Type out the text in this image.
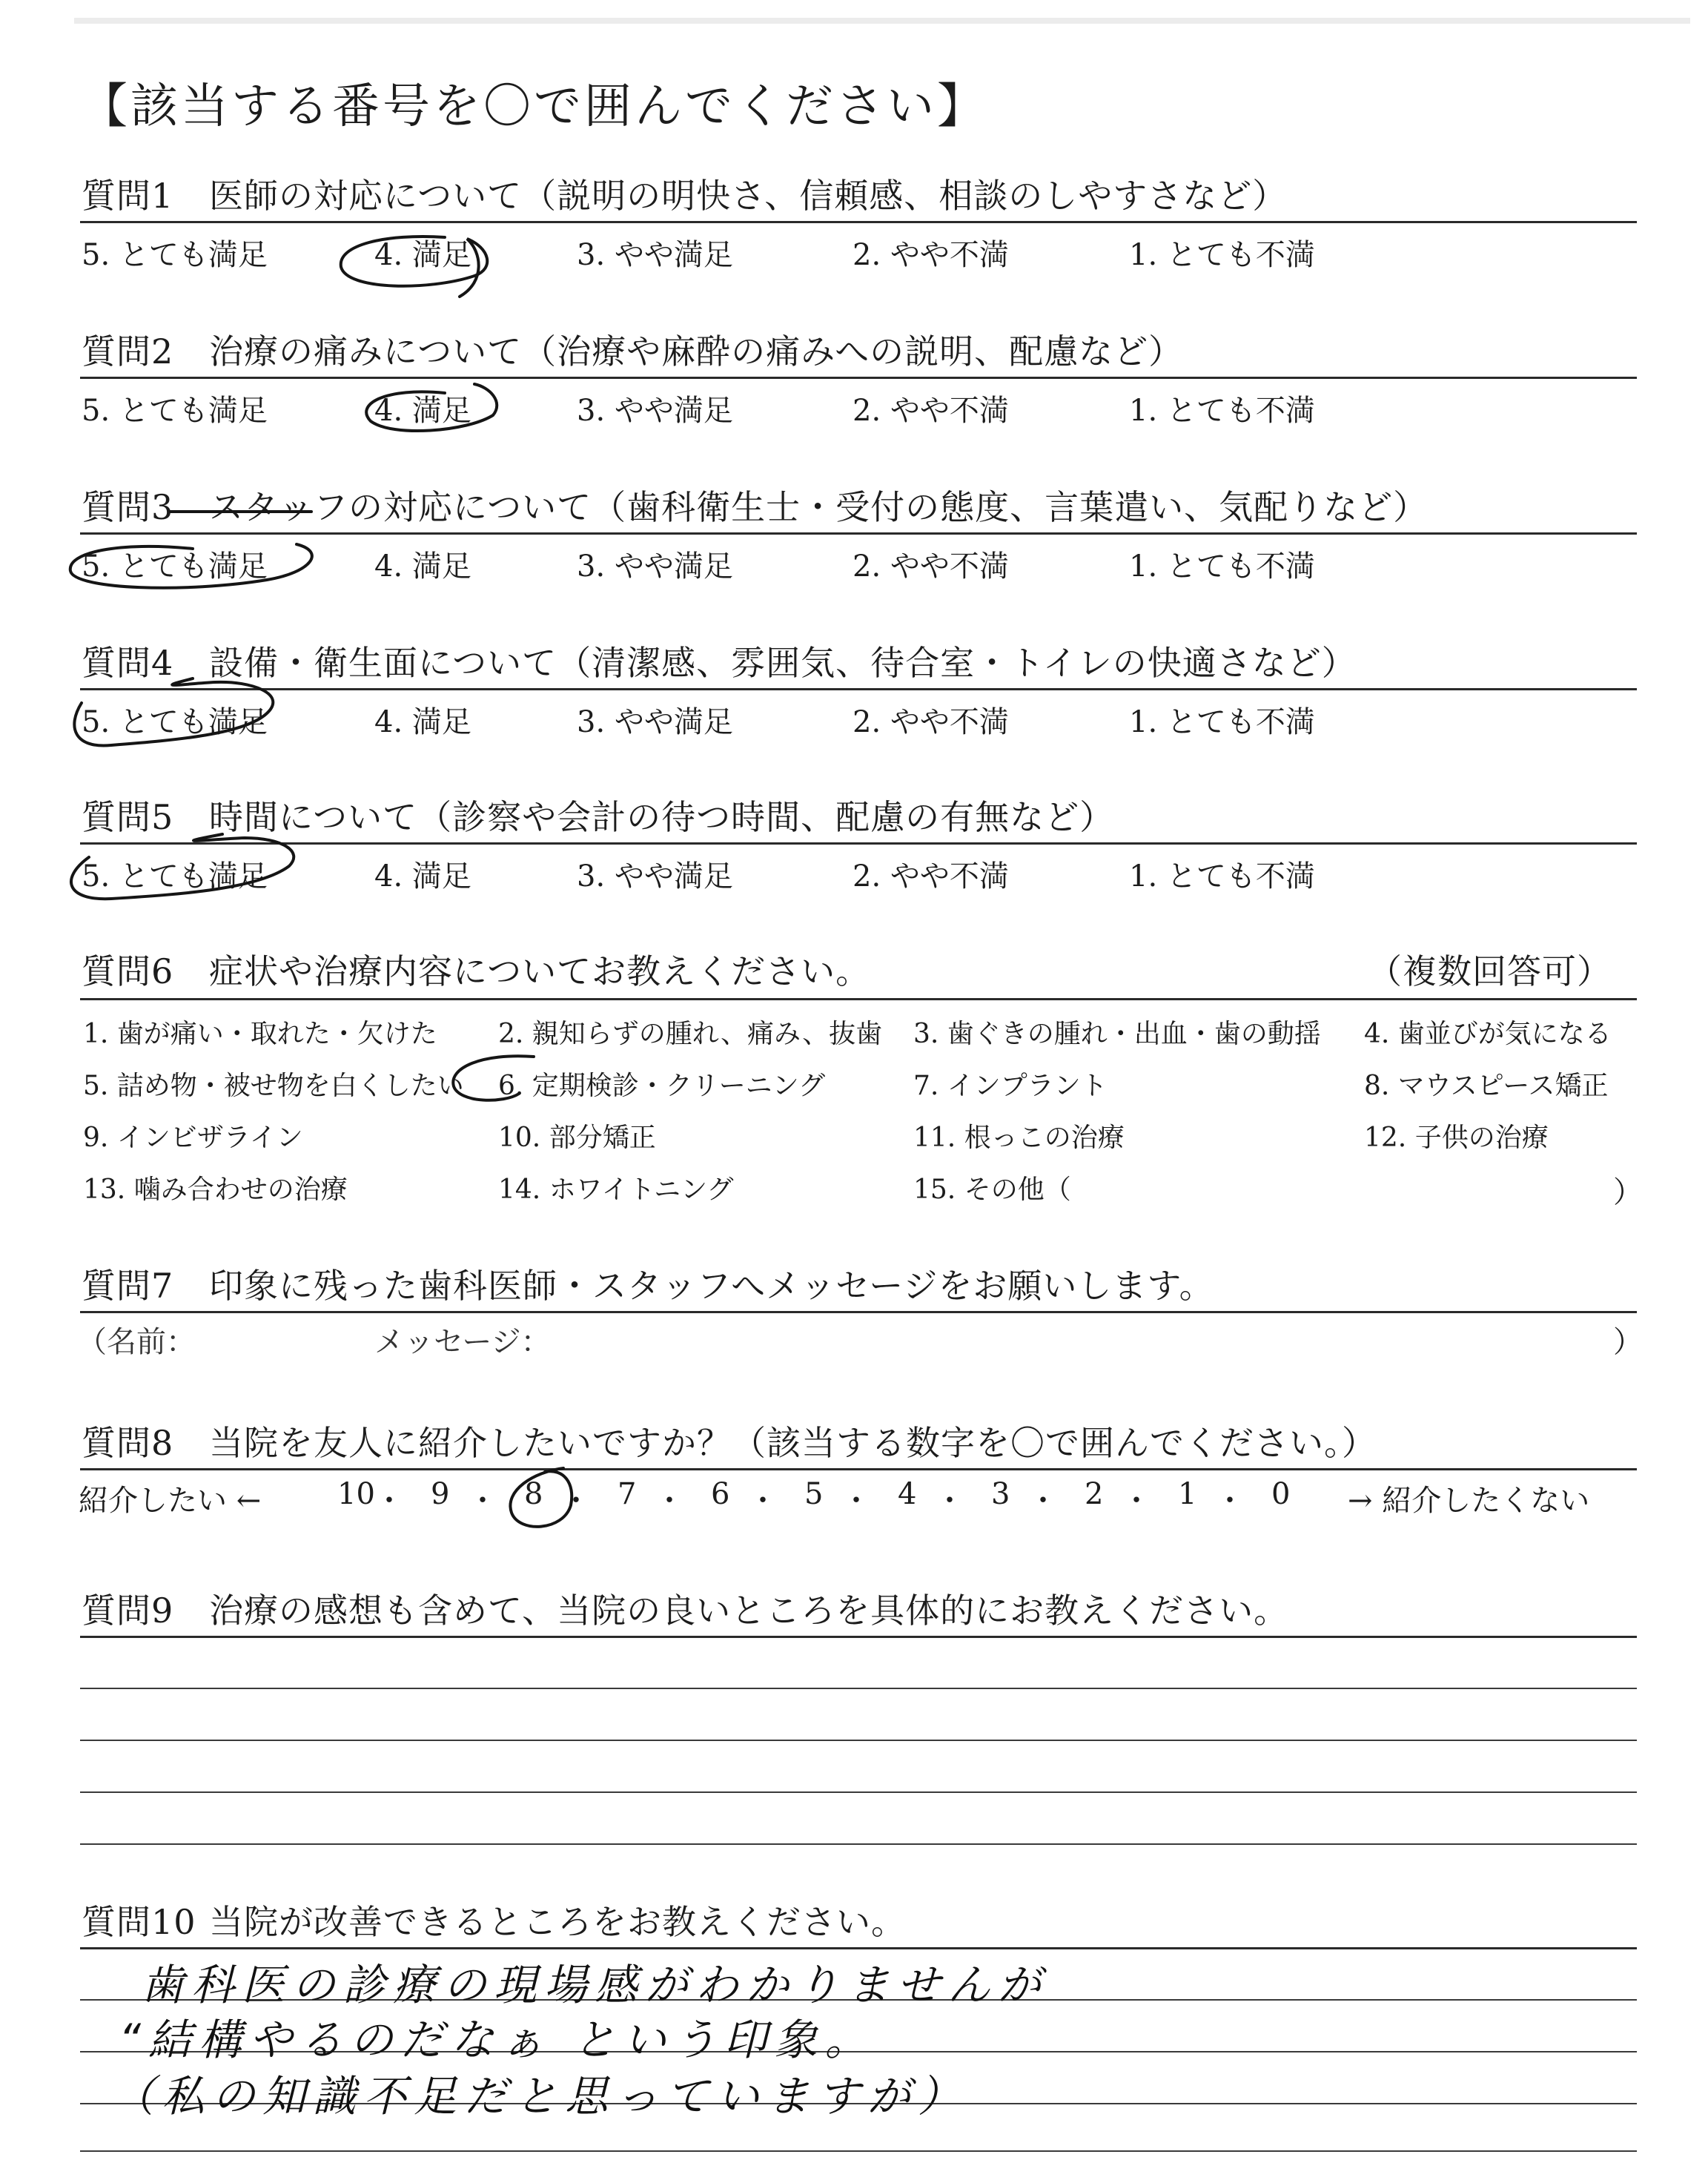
【該当する番号を〇で囲んでください】
質問1 医師の対応について（説明の明快さ、信頼感、相談のしやすさなど）
5. とても満足	4. 満足	3. やや満足	2. やや不満	1. とても不満
質問2 治療の痛みについて（治療や麻酔の痛みへの説明、配慮など）
5. とても満足	4. 満足	3. やや満足	2. やや不満	1. とても不満
質問3 スタッフの対応について（歯科衛生士・受付の態度、言葉遣い、気配りなど）
5. とても満足	4. 満足	3. やや満足	2. やや不満	1. とても不満
質問4 設備・衛生面について（清潔感、雰囲気、待合室・トイレの快適さなど）
5. とても満足	4. 満足	3. やや満足	2. やや不満	1. とても不満
質問5 時間について（診察や会計の待つ時間、配慮の有無など）
5. とても満足	4. 満足	3. やや満足	2. やや不満	1. とても不満
質問6 症状や治療内容についてお教えください。	（複数回答可）
1. 歯が痛い・取れた・欠けた 2. 親知らずの腫れ、痛み、抜歯 3. 歯ぐきの腫れ・出血・歯の動揺 4. 歯並びが気になる
5. 詰め物・被せ物を白くしたい 6. 定期検診・クリーニング	7. インプラント	8. マウスピース矯正
9. インビザライン	10. 部分矯正	11. 根っこの治療	12. 子供の治療
13. 噛み合わせの治療	14. ホワイトニング	15. その他（	）
質問7 印象に残った歯科医師・スタッフへメッセージをお願いします。
（名前：	メッセージ：	）
質問8 当院を友人に紹介したいですか？（該当する数字を〇で囲んでください。）
紹介したい ←	10 ・ 9 ・ 8 ・ 7 ・ 6 ・ 5 ・ 4 ・ 3 ・ 2 ・ 1 ・ 0 → 紹介したくない
質問9 治療の感想も含めて、当院の良いところを具体的にお教えください。
質問10 当院が改善できるところをお教えください。
歯科医の診療の現場感がわかりませんが
“結構やるのだなぁ という印象。
（私の知識不足だと思っていますが）
